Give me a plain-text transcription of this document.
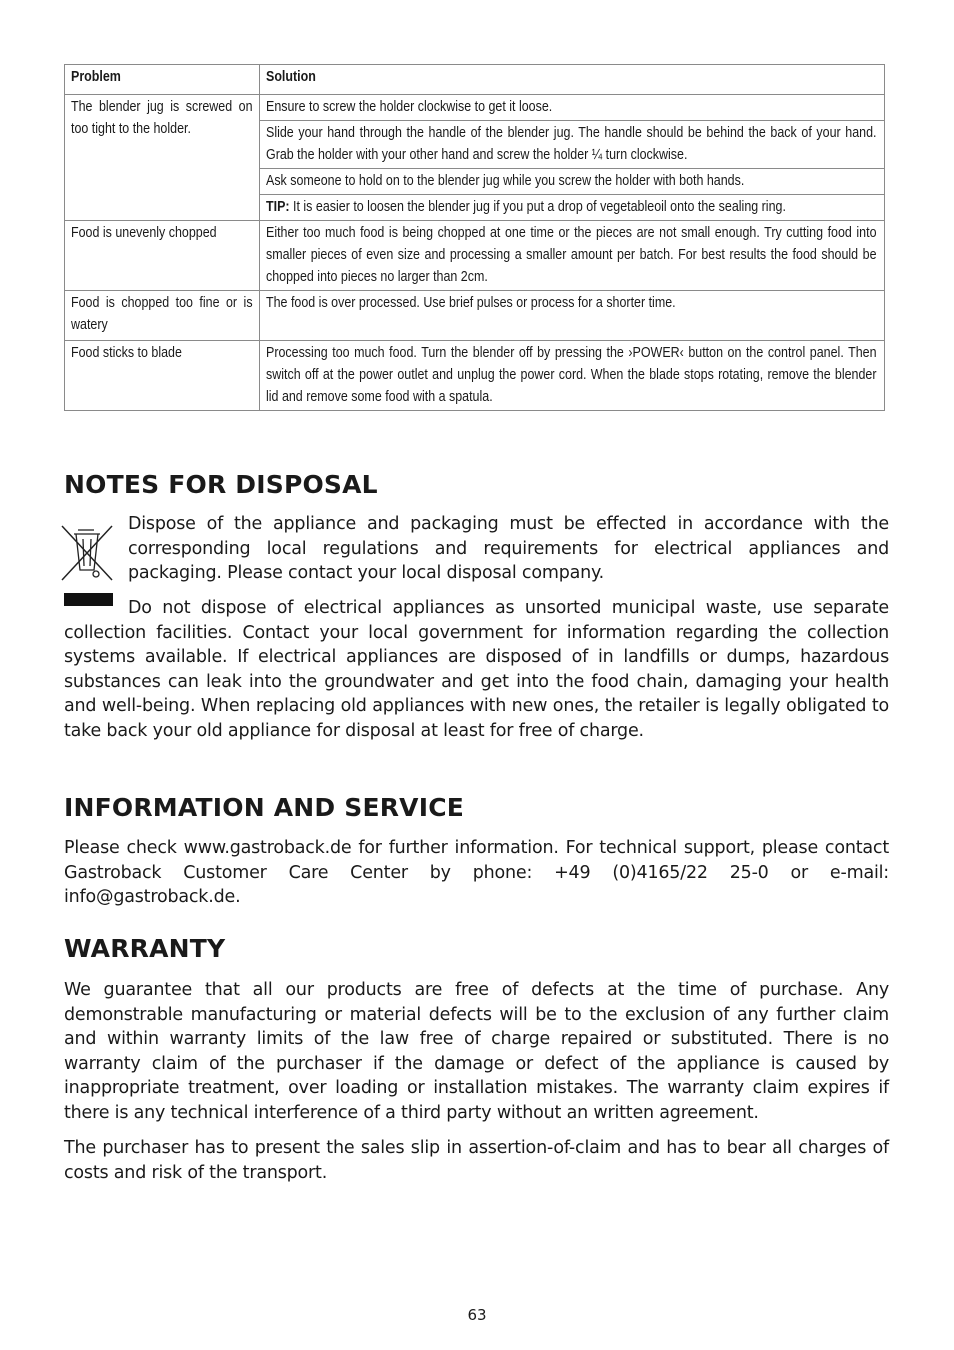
Problem	Solution
The blender jug is screwed on too tight to the holder.	Ensure to screw the holder clockwise to get it loose.
	Slide your hand through the handle of the blender jug. The handle should be behind the back of your hand. Grab the holder with your other hand and screw the holder ¼ turn clockwise.
	Ask someone to hold on to the blender jug while you screw the holder with both hands.
	TIP: It is easier to loosen the blender jug if you put a drop of vegetableoil onto the sealing ring.
Food is unevenly chopped	Either too much food is being chopped at one time or the pieces are not small enough. Try cutting food into smaller pieces of even size and processing a smaller amount per batch. For best results the food should be chopped into pieces no larger than 2cm.
Food is chopped too fine or is watery	The food is over processed. Use brief pulses or process for a shorter time.
Food sticks to blade	Processing too much food. Turn the blender off by pressing the ›POWER‹ button on the control panel. Then switch off at the power outlet and unplug the power cord. When the blade stops rotating, remove the blender lid and remove some food with a spatula.
NOTES FOR DISPOSAL

Dispose of the appliance and packaging must be effected in accordance with the corresponding local regulations and requirements for electrical appliances and packaging. Please contact your local disposal company.

Do not dispose of electrical appliances as unsorted municipal waste, use separate collection facilities. Contact your local government for information regarding the collection systems available. If electrical appliances are disposed of in landfills or dumps, hazardous substances can leak into the groundwater and get into the food chain, damaging your health and well-being. When replacing old appliances with new ones, the retailer is legally obligated to take back your old appliance for disposal at least for free of charge.

INFORMATION AND SERVICE

Please check www.gastroback.de for further information. For technical support, please contact Gastroback Customer Care Center by phone: +49 (0)4165/22 25-0 or e-mail: info@gastroback.de.

WARRANTY

We guarantee that all our products are free of defects at the time of purchase. Any demonstrable manufacturing or material defects will be to the exclusion of any further claim and within warranty limits of the law free of charge repaired or substituted. There is no warranty claim of the purchaser if the damage or defect of the appliance is caused by inappropriate treatment, over loading or installation mistakes. The warranty claim expires if there is any technical interference of a third party without an written agreement.

The purchaser has to present the sales slip in assertion-of-claim and has to bear all charges of costs and risk of the transport.

63
